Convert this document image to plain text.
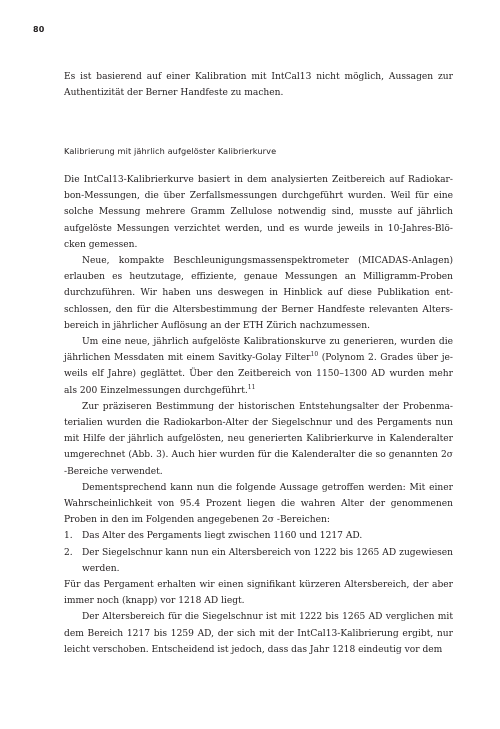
80

Es ist basierend auf einer Kalibration mit IntCal13 nicht möglich, Aussagen zur Authentizität der Berner Handfeste zu machen.

Kalibrierung mit jährlich aufgelöster Kalibrierkurve

Die IntCal13-Kalibrierkurve basiert in dem analysierten Zeitbereich auf Radiokarbon-Messungen, die über Zerfallsmessungen durchgeführt wurden. Weil für eine solche Messung mehrere Gramm Zellulose notwendig sind, musste auf jährlich aufgelöste Messungen verzichtet werden, und es wurde jeweils in 10-Jahres-Blöcken gemessen.

Neue, kompakte Beschleunigungsmassenspektrometer (MICADAS-Anlagen) erlauben es heutzutage, effiziente, genaue Messungen an Milligramm-Proben durchzuführen. Wir haben uns deswegen in Hinblick auf diese Publikation entschlossen, den für die Altersbestimmung der Berner Handfeste relevanten Altersbereich in jährlicher Auflösung an der ETH Zürich nachzumessen.

Um eine neue, jährlich aufgelöste Kalibrationskurve zu generieren, wurden die jährlichen Messdaten mit einem Savitky-Golay Filter$^{10}$ (Polynom 2. Grades über jeweils elf Jahre) geglättet. Über den Zeitbereich von 1150–1300 AD wurden mehr als 200 Einzelmessungen durchgeführt.$^{11}$

Zur präziseren Bestimmung der historischen Entstehungsalter der Probenmaterialien wurden die Radiokarbon-Alter der Siegelschnur und des Pergaments nun mit Hilfe der jährlich aufgelösten, neu generierten Kalibrierkurve in Kalenderalter umgerechnet (Abb. 3). Auch hier wurden für die Kalenderalter die so genannten 2σ -Bereiche verwendet.

Dementsprechend kann nun die folgende Aussage getroffen werden: Mit einer Wahrscheinlichkeit von 95.4 Prozent liegen die wahren Alter der genommenen Proben in den im Folgenden angegebenen 2σ -Bereichen:

1.	Das Alter des Pergaments liegt zwischen 1160 und 1217 AD.
2.	Der Siegelschnur kann nun ein Altersbereich von 1222 bis 1265 AD zugewiesen werden.

Für das Pergament erhalten wir einen signifikant kürzeren Altersbereich, der aber immer noch (knapp) vor 1218 AD liegt.

Der Altersbereich für die Siegelschnur ist mit 1222 bis 1265 AD verglichen mit dem Bereich 1217 bis 1259 AD, der sich mit der IntCal13-Kalibrierung ergibt, nur leicht verschoben. Entscheidend ist jedoch, dass das Jahr 1218 eindeutig vor dem
